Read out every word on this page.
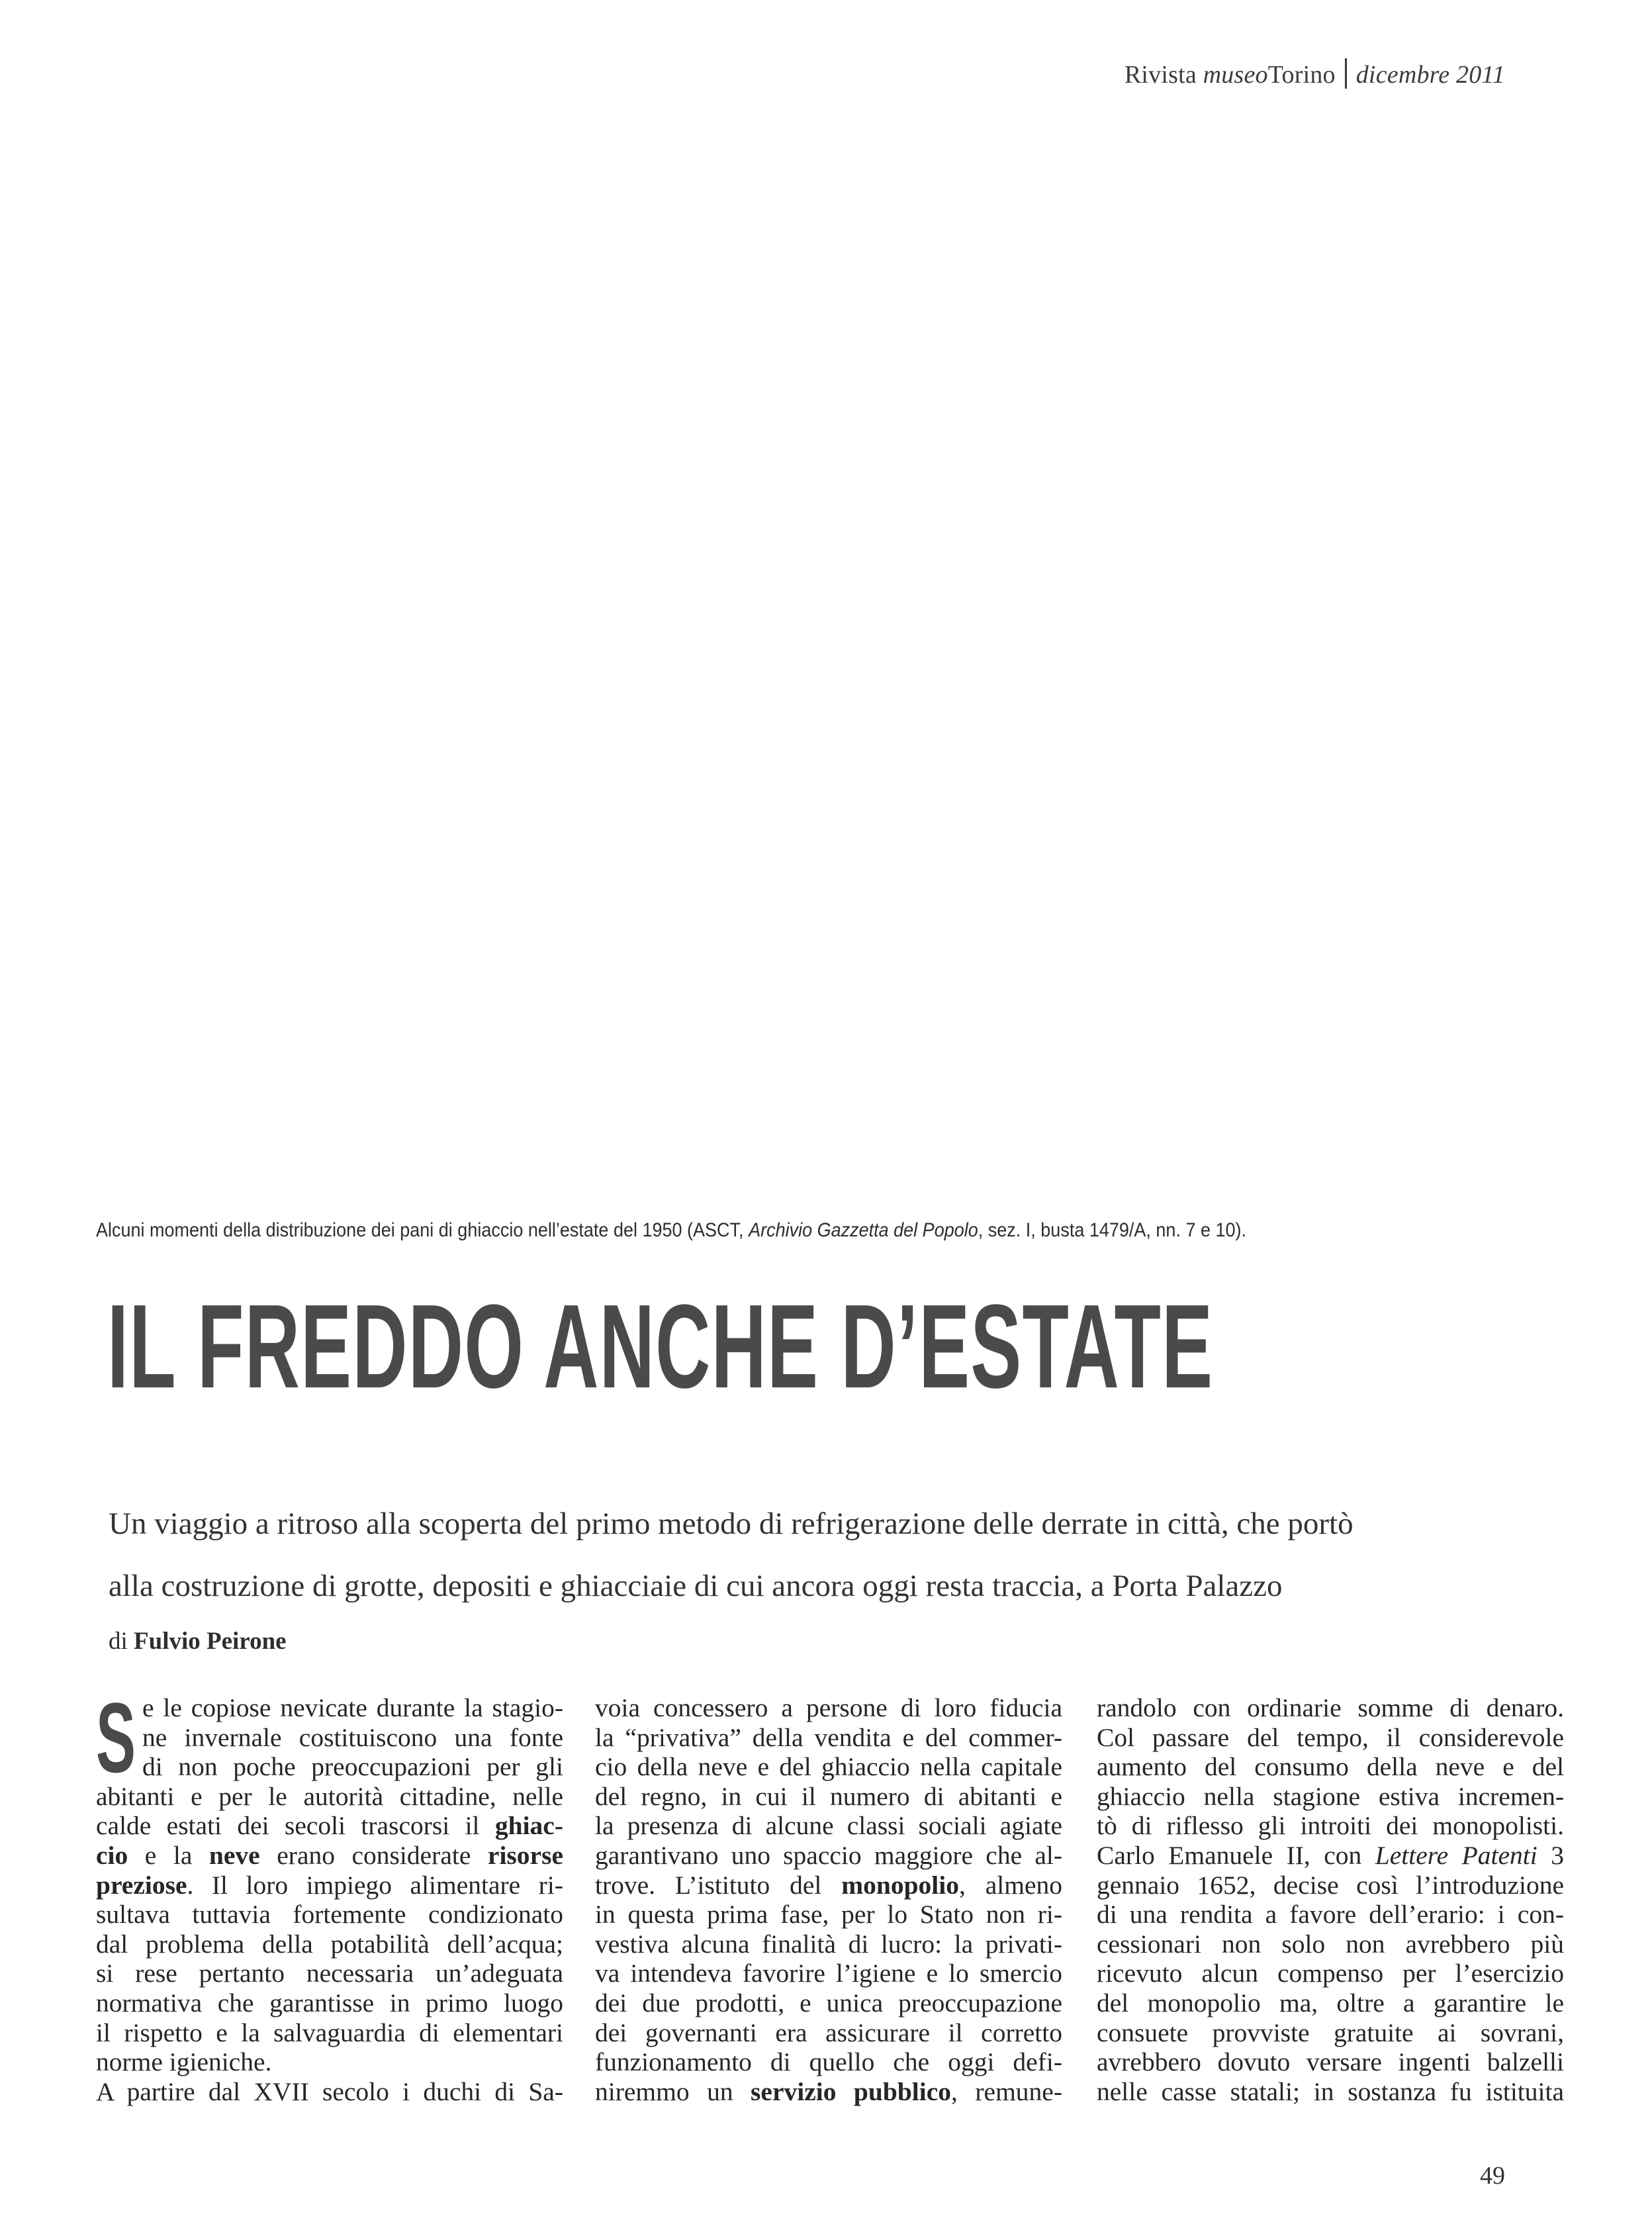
Rivista museoTorino dicembre 2011
Alcuni momenti della distribuzione dei pani di ghiaccio nell’estate del 1950 (ASCT, Archivio Gazzetta del Popolo, sez. I, busta 1479/A, nn. 7 e 10).
IL FREDDO ANCHE D’ESTATE
Un viaggio a ritroso alla scoperta del primo metodo di refrigerazione delle derrate in città, che portò
alla costruzione di grotte, depositi e ghiacciaie di cui ancora oggi resta traccia, a Porta Palazzo
di Fulvio Peirone
S e le copiose nevicate durante la stagio-
ne invernale costituiscono una fonte
di non poche preoccupazioni per gli
abitanti e per le autorità cittadine, nelle
calde estati dei secoli trascorsi il ghiac-
cio e la neve erano considerate risorse
preziose. Il loro impiego alimentare ri-
sultava tuttavia fortemente condizionato
dal problema della potabilità dell’acqua;
si rese pertanto necessaria un’adeguata
normativa che garantisse in primo luogo
il rispetto e la salvaguardia di elementari
norme igieniche.
A partire dal XVII secolo i duchi di Sa-
voia concessero a persone di loro fiducia
la “privativa” della vendita e del commer-
cio della neve e del ghiaccio nella capitale
del regno, in cui il numero di abitanti e
la presenza di alcune classi sociali agiate
garantivano uno spaccio maggiore che al-
trove. L’istituto del monopolio, almeno
in questa prima fase, per lo Stato non ri-
vestiva alcuna finalità di lucro: la privati-
va intendeva favorire l’igiene e lo smercio
dei due prodotti, e unica preoccupazione
dei governanti era assicurare il corretto
funzionamento di quello che oggi defi-
niremmo un servizio pubblico, remune-
randolo con ordinarie somme di denaro.
Col passare del tempo, il considerevole
aumento del consumo della neve e del
ghiaccio nella stagione estiva incremen-
tò di riflesso gli introiti dei monopolisti.
Carlo Emanuele II, con Lettere Patenti 3
gennaio 1652, decise così l’introduzione
di una rendita a favore dell’erario: i con-
cessionari non solo non avrebbero più
ricevuto alcun compenso per l’esercizio
del monopolio ma, oltre a garantire le
consuete provviste gratuite ai sovrani,
avrebbero dovuto versare ingenti balzelli
nelle casse statali; in sostanza fu istituita
49
